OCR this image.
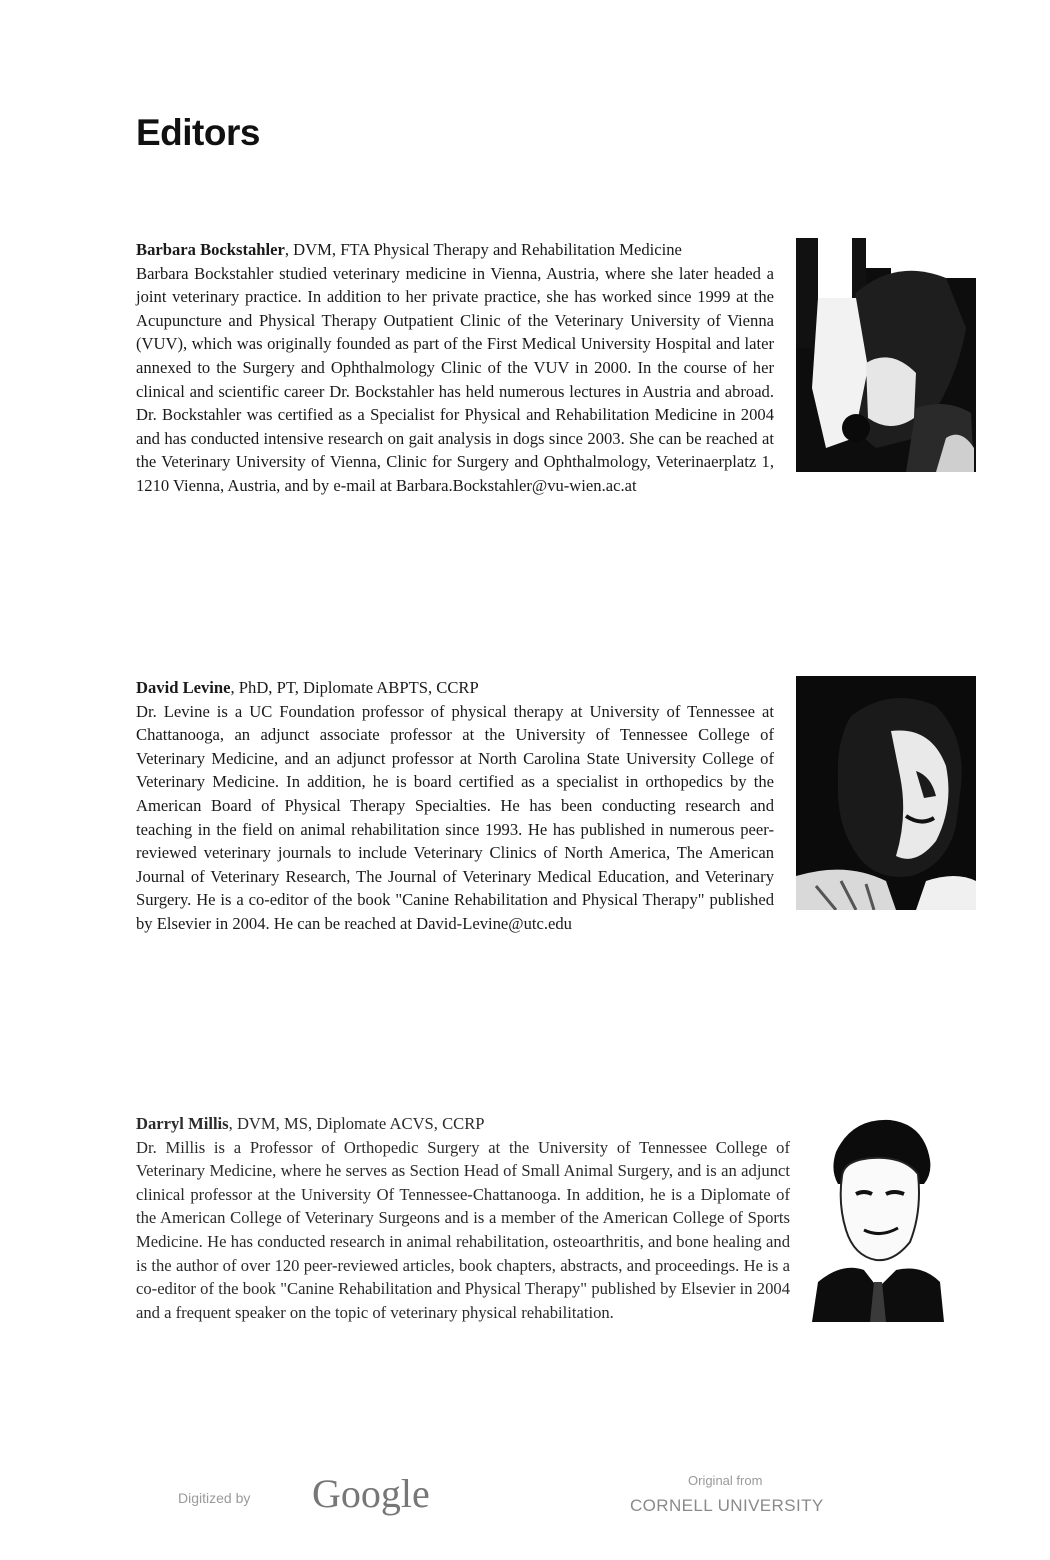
Editors
Barbara Bockstahler, DVM, FTA Physical Therapy and Rehabilitation Medicine
Barbara Bockstahler studied veterinary medicine in Vienna, Austria, where she later headed a joint veterinary practice. In addition to her private practice, she has worked since 1999 at the Acupuncture and Physical Therapy Outpatient Clinic of the Veterinary University of Vienna (VUV), which was originally founded as part of the First Medical University Hospital and later annexed to the Surgery and Ophthalmology Clinic of the VUV in 2000. In the course of her clinical and scientific career Dr. Bockstahler has held numerous lectures in Austria and abroad. Dr. Bockstahler was certified as a Specialist for Physical and Rehabilitation Medicine in 2004 and has conducted intensive research on gait analysis in dogs since 2003. She can be reached at the Veterinary University of Vienna, Clinic for Surgery and Ophthalmology, Veterinaerplatz 1, 1210 Vienna, Austria, and by e-mail at Barbara.Bockstahler@vu-wien.ac.at
David Levine, PhD, PT, Diplomate ABPTS, CCRP
Dr. Levine is a UC Foundation professor of physical therapy at University of Tennessee at Chattanooga, an adjunct associate professor at the University of Tennessee College of Veterinary Medicine, and an adjunct professor at North Carolina State University College of Veterinary Medicine. In addition, he is board certified as a specialist in orthopedics by the American Board of Physical Therapy Specialties. He has been conducting research and teaching in the field on animal rehabilitation since 1993. He has published in numerous peer-reviewed veterinary journals to include Veterinary Clinics of North America, The American Journal of Veterinary Research, The Journal of Veterinary Medical Education, and Veterinary Surgery. He is a co-editor of the book "Canine Rehabilitation and Physical Therapy" published by Elsevier in 2004. He can be reached at David-Levine@utc.edu
Darryl Millis, DVM, MS, Diplomate ACVS, CCRP
Dr. Millis is a Professor of Orthopedic Surgery at the University of Tennessee College of Veterinary Medicine, where he serves as Section Head of Small Animal Surgery, and is an adjunct clinical professor at the University Of Tennessee-Chattanooga. In addition, he is a Diplomate of the American College of Veterinary Surgeons and is a member of the American College of Sports Medicine. He has conducted research in animal rehabilitation, osteoarthritis, and bone healing and is the author of over 120 peer-reviewed articles, book chapters, abstracts, and proceedings. He is a co-editor of the book "Canine Rehabilitation and Physical Therapy" published by Elsevier in 2004 and a frequent speaker on the topic of veterinary physical rehabilitation.
Digitized by Google	Original from
CORNELL UNIVERSITY
